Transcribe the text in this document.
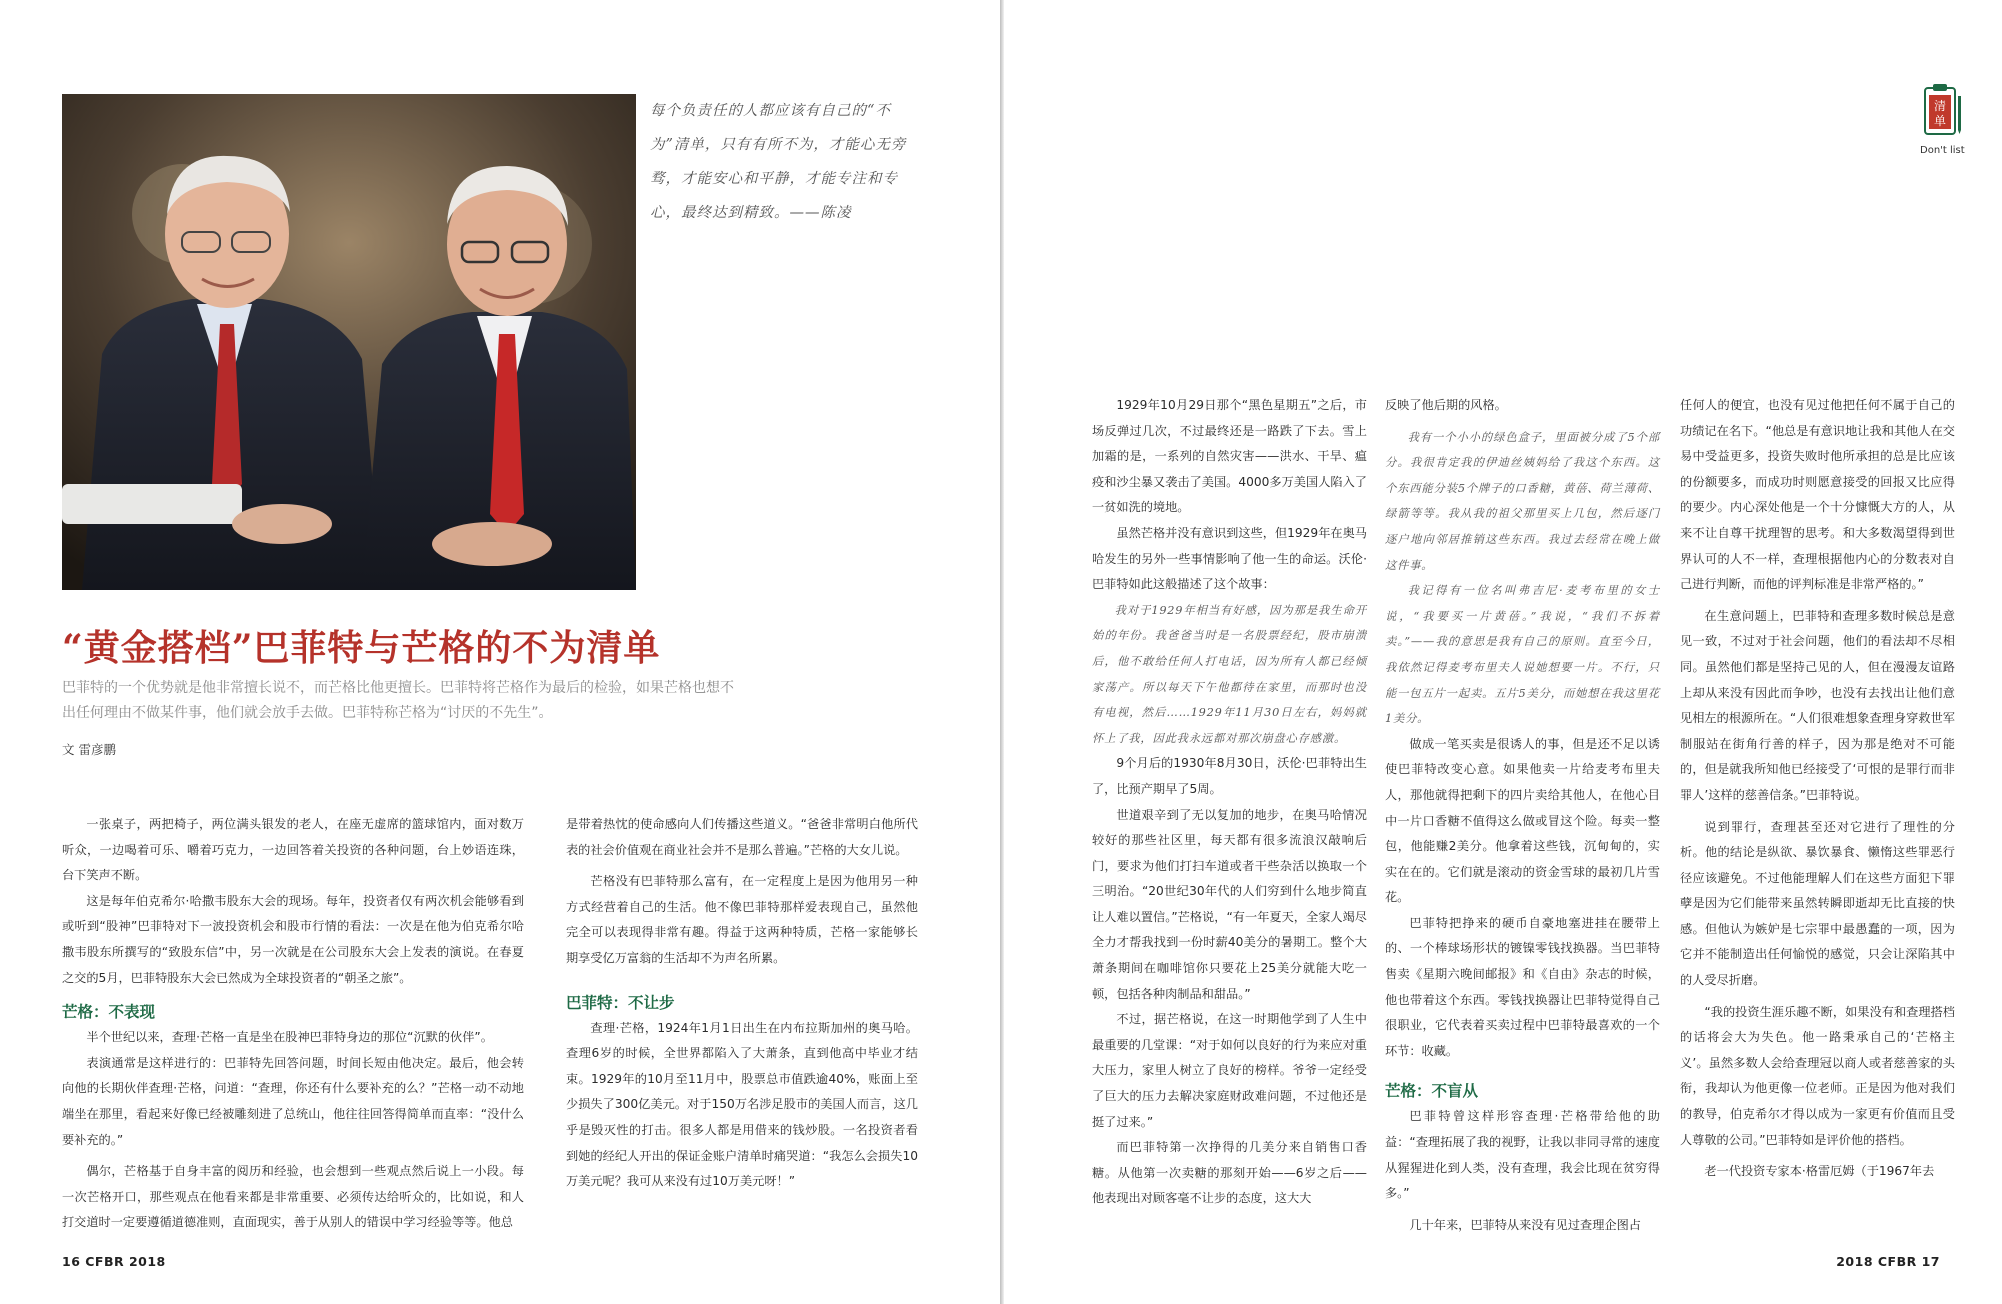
每个负责任的人都应该有自己的“不为”清单，只有有所不为，才能心无旁骛，才能安心和平静，才能专注和专心，最终达到精致。——陈凌
“黄金搭档”巴菲特与芒格的不为清单
巴菲特的一个优势就是他非常擅长说不，而芒格比他更擅长。巴菲特将芒格作为最后的检验，如果芒格也想不出任何理由不做某件事，他们就会放手去做。巴菲特称芒格为“讨厌的不先生”。
文 雷彦鹏

一张桌子，两把椅子，两位满头银发的老人，在座无虚席的篮球馆内，面对数万听众，一边喝着可乐、嚼着巧克力，一边回答着关投资的各种问题，台上妙语连珠，台下笑声不断。

这是每年伯克希尔·哈撒韦股东大会的现场。每年，投资者仅有两次机会能够看到或听到“股神”巴菲特对下一波投资机会和股市行情的看法：一次是在他为伯克希尔哈撒韦股东所撰写的“致股东信”中，另一次就是在公司股东大会上发表的演说。在春夏之交的5月，巴菲特股东大会已然成为全球投资者的“朝圣之旅”。

芒格：不表现

半个世纪以来，查理·芒格一直是坐在股神巴菲特身边的那位“沉默的伙伴”。

表演通常是这样进行的：巴菲特先回答问题，时间长短由他决定。最后，他会转向他的长期伙伴查理·芒格，问道：“查理，你还有什么要补充的么？”芒格一动不动地端坐在那里，看起来好像已经被雕刻进了总统山，他往往回答得简单而直率：“没什么要补充的。”

偶尔，芒格基于自身丰富的阅历和经验，也会想到一些观点然后说上一小段。每一次芒格开口，那些观点在他看来都是非常重要、必须传达给听众的，比如说，和人打交道时一定要遵循道德准则，直面现实，善于从别人的错误中学习经验等等。他总

是带着热忱的使命感向人们传播这些道义。“爸爸非常明白他所代表的社会价值观在商业社会并不是那么普遍。”芒格的大女儿说。

芒格没有巴菲特那么富有，在一定程度上是因为他用另一种方式经营着自己的生活。他不像巴菲特那样爱表现自己，虽然他完全可以表现得非常有趣。得益于这两种特质，芒格一家能够长期享受亿万富翁的生活却不为声名所累。

巴菲特：不让步

查理·芒格，1924年1月1日出生在内布拉斯加州的奥马哈。查理6岁的时候，全世界都陷入了大萧条，直到他高中毕业才结束。1929年的10月至11月中，股票总市值跌逾40%，账面上至少损失了300亿美元。对于150万名涉足股市的美国人而言，这几乎是毁灭性的打击。很多人都是用借来的钱炒股。一名投资者看到她的经纪人开出的保证金账户清单时痛哭道：“我怎么会损失10万美元呢？我可从来没有过10万美元呀！”

16 CFBR 2018
清
单
Don't list

1929年10月29日那个“黑色星期五”之后，市场反弹过几次，不过最终还是一路跌了下去。雪上加霜的是，一系列的自然灾害——洪水、干旱、瘟疫和沙尘暴又袭击了美国。4000多万美国人陷入了一贫如洗的境地。

虽然芒格并没有意识到这些，但1929年在奥马哈发生的另外一些事情影响了他一生的命运。沃伦·巴菲特如此这般描述了这个故事：

我对于1929年相当有好感，因为那是我生命开始的年份。我爸爸当时是一名股票经纪，股市崩溃后，他不敢给任何人打电话，因为所有人都已经倾家荡产。所以每天下午他都待在家里，而那时也没有电视，然后……1929年11月30日左右，妈妈就怀上了我，因此我永远都对那次崩盘心存感激。

9个月后的1930年8月30日，沃伦·巴菲特出生了，比预产期早了5周。

世道艰辛到了无以复加的地步，在奥马哈情况较好的那些社区里，每天都有很多流浪汉敲响后门，要求为他们打扫车道或者干些杂活以换取一个三明治。“20世纪30年代的人们穷到什么地步简直让人难以置信。”芒格说，“有一年夏天，全家人竭尽全力才帮我找到一份时薪40美分的暑期工。整个大萧条期间在咖啡馆你只要花上25美分就能大吃一顿，包括各种肉制品和甜品。”

不过，据芒格说，在这一时期他学到了人生中最重要的几堂课：“对于如何以良好的行为来应对重大压力，家里人树立了良好的榜样。爷爷一定经受了巨大的压力去解决家庭财政难问题，不过他还是挺了过来。”

而巴菲特第一次挣得的几美分来自销售口香糖。从他第一次卖糖的那刻开始——6岁之后——他表现出对顾客毫不让步的态度，这大大

反映了他后期的风格。

我有一个小小的绿色盒子，里面被分成了5个部分。我很肯定我的伊迪丝姨妈给了我这个东西。这个东西能分装5个牌子的口香糖，黄蓓、荷兰薄荷、绿箭等等。我从我的祖父那里买上几包，然后逐门逐户地向邻居推销这些东西。我过去经常在晚上做这件事。

我记得有一位名叫弗吉尼·麦考布里的女士说，“我要买一片黄蓓。”我说，“我们不拆着卖。”——我的意思是我有自己的原则。直至今日，我依然记得麦考布里夫人说她想要一片。不行，只能一包五片一起卖。五片5美分，而她想在我这里花1美分。

做成一笔买卖是很诱人的事，但是还不足以诱使巴菲特改变心意。如果他卖一片给麦考布里夫人，那他就得把剩下的四片卖给其他人，在他心目中一片口香糖不值得这么做或冒这个险。每卖一整包，他能赚2美分。他拿着这些钱，沉甸甸的，实实在在的。它们就是滚动的资金雪球的最初几片雪花。

巴菲特把挣来的硬币自豪地塞进挂在腰带上的、一个棒球场形状的镀镍零钱找换器。当巴菲特售卖《星期六晚间邮报》和《自由》杂志的时候，他也带着这个东西。零钱找换器让巴菲特觉得自己很职业，它代表着买卖过程中巴菲特最喜欢的一个环节：收藏。

芒格：不盲从

巴菲特曾这样形容查理·芒格带给他的助益：“查理拓展了我的视野，让我以非同寻常的速度从猩猩进化到人类，没有查理，我会比现在贫穷得多。”

几十年来，巴菲特从来没有见过查理企图占

任何人的便宜，也没有见过他把任何不属于自己的功绩记在名下。“他总是有意识地让我和其他人在交易中受益更多，投资失败时他所承担的总是比应该的份额要多，而成功时则愿意接受的回报又比应得的要少。内心深处他是一个十分慷慨大方的人，从来不让自尊干扰理智的思考。和大多数渴望得到世界认可的人不一样，查理根据他内心的分数表对自己进行判断，而他的评判标准是非常严格的。”

在生意问题上，巴菲特和查理多数时候总是意见一致，不过对于社会问题，他们的看法却不尽相同。虽然他们都是坚持己见的人，但在漫漫友谊路上却从来没有因此而争吵，也没有去找出让他们意见相左的根源所在。“人们很难想象查理身穿救世军制服站在街角行善的样子，因为那是绝对不可能的，但是就我所知他已经接受了‘可恨的是罪行而非罪人’这样的慈善信条。”巴菲特说。

说到罪行，查理甚至还对它进行了理性的分析。他的结论是纵欲、暴饮暴食、懒惰这些罪恶行径应该避免。不过他能理解人们在这些方面犯下罪孽是因为它们能带来虽然转瞬即逝却无比直接的快感。但他认为嫉妒是七宗罪中最愚蠢的一项，因为它并不能制造出任何愉悦的感觉，只会让深陷其中的人受尽折磨。

“我的投资生涯乐趣不断，如果没有和查理搭档的话将会大为失色。他一路秉承自己的‘芒格主义’。虽然多数人会给查理冠以商人或者慈善家的头衔，我却认为他更像一位老师。正是因为他对我们的教导，伯克希尔才得以成为一家更有价值而且受人尊敬的公司。”巴菲特如是评价他的搭档。

老一代投资专家本·格雷厄姆（于1967年去

2018 CFBR 17
